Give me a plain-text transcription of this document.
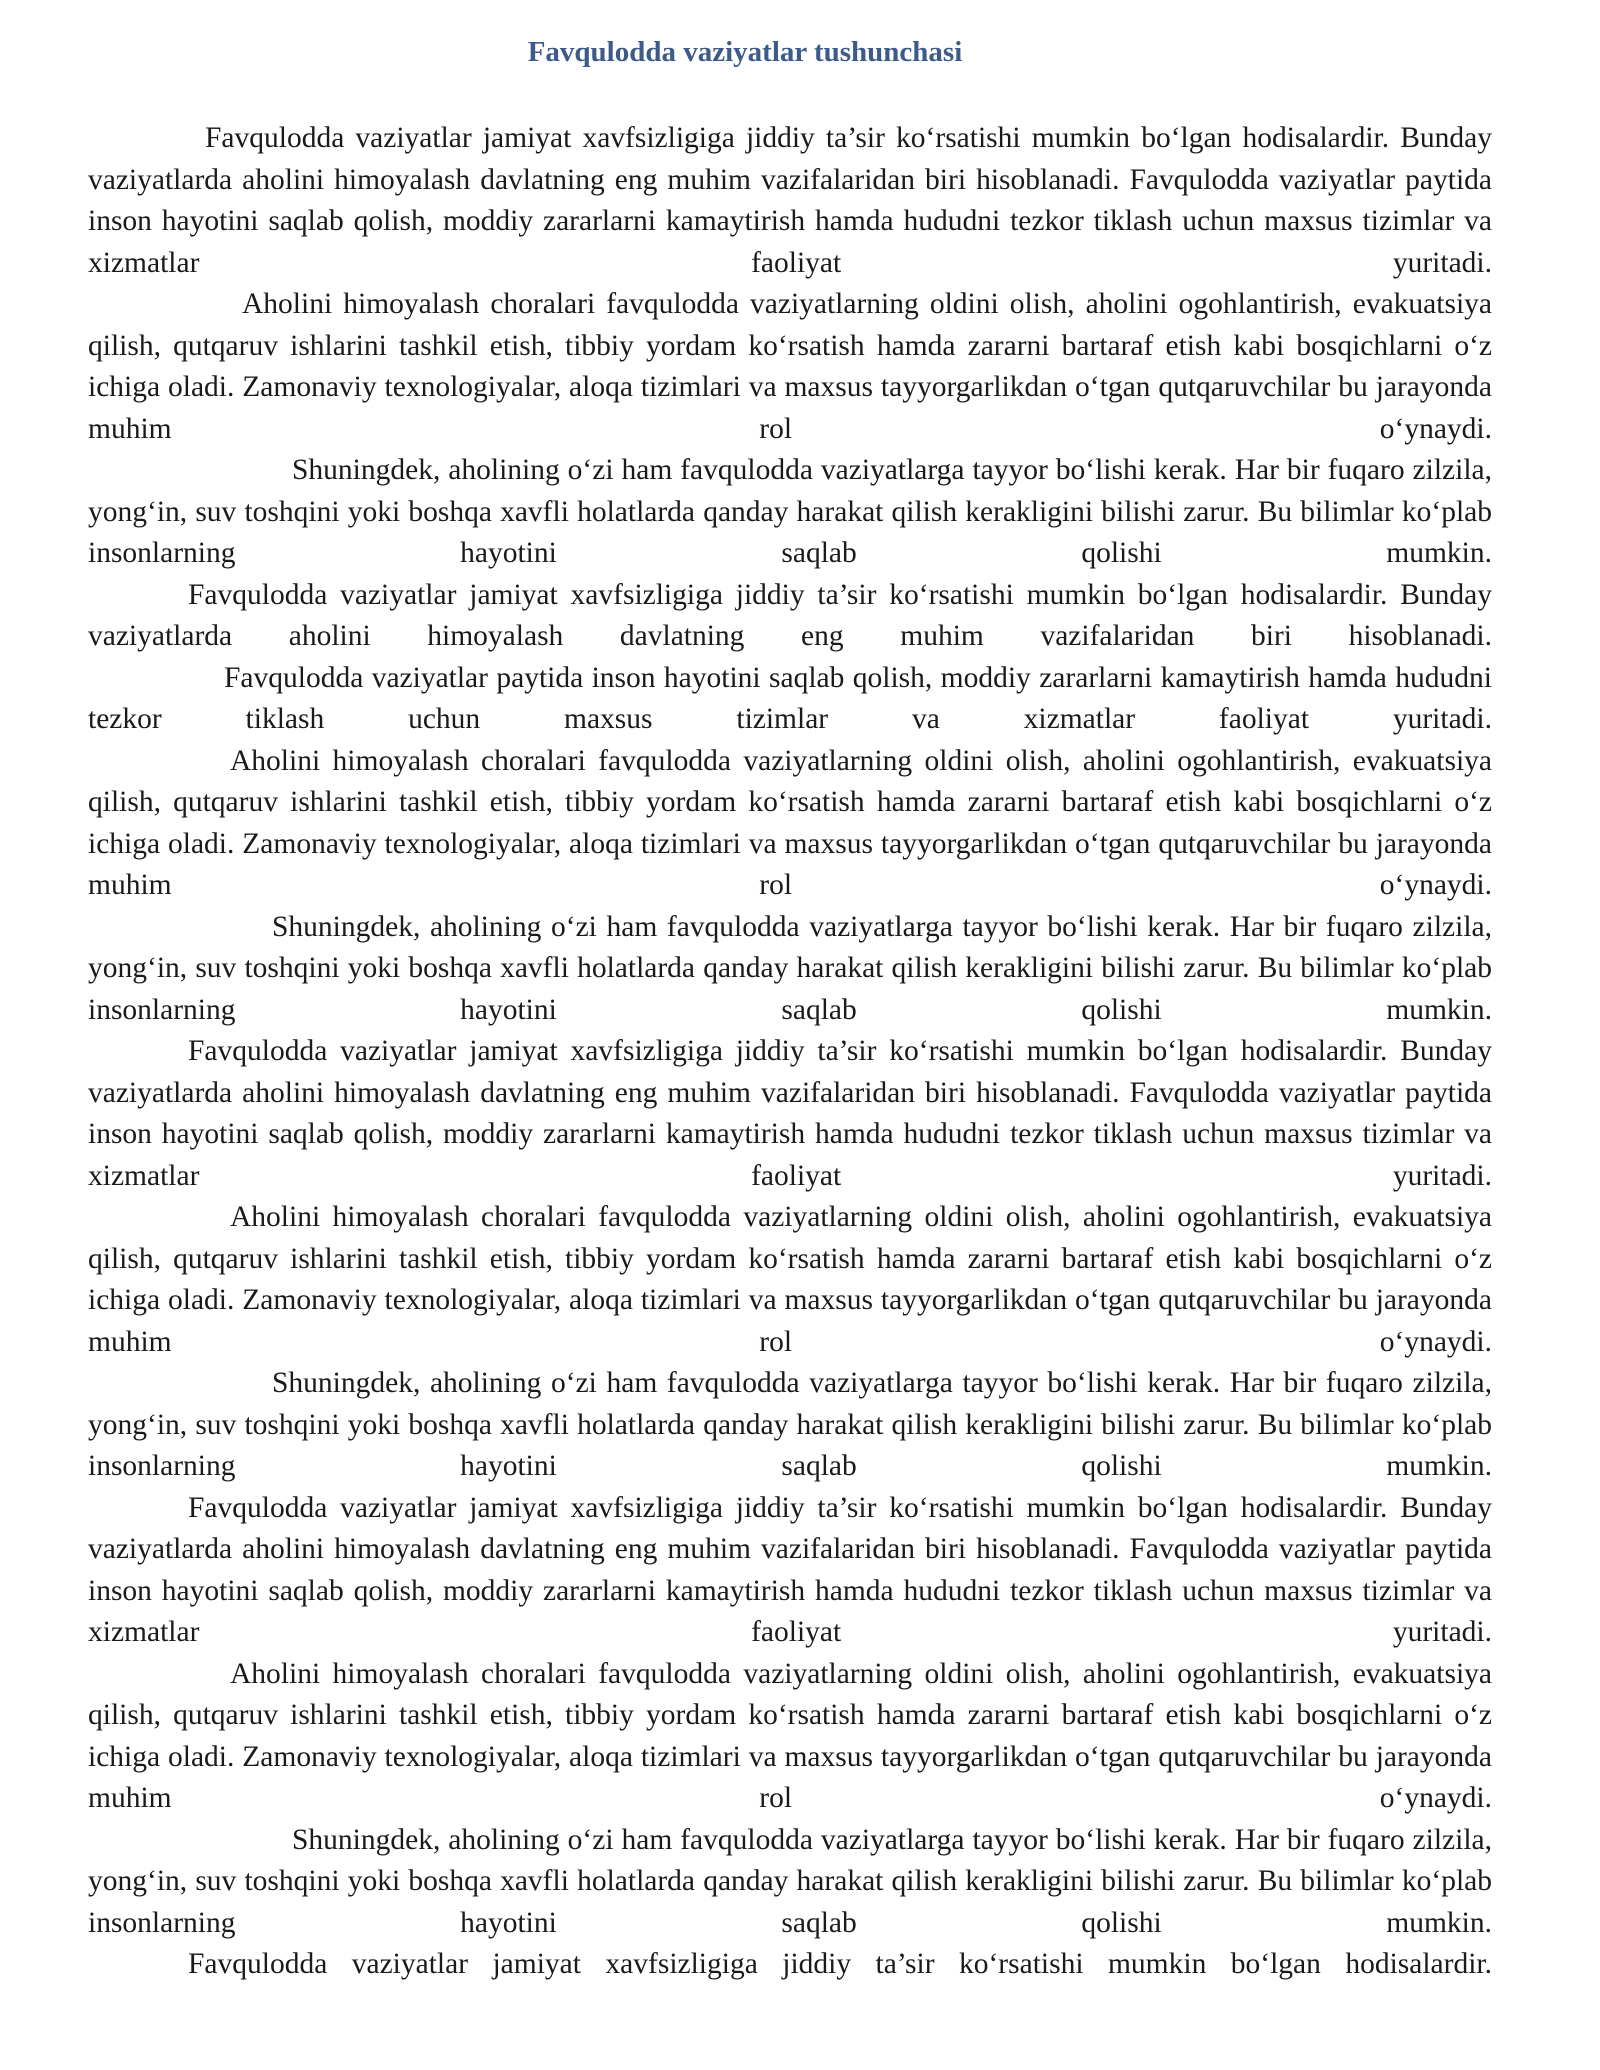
Favqulodda vaziyatlar tushunchasi

Favqulodda vaziyatlar jamiyat xavfsizligiga jiddiy ta’sir koʻrsatishi mumkin boʻlgan hodisalardir. Bunday vaziyatlarda aholini himoyalash davlatning eng muhim vazifalaridan biri hisoblanadi. Favqulodda vaziyatlar paytida inson hayotini saqlab qolish, moddiy zararlarni kamaytirish hamda hududni tezkor tiklash uchun maxsus tizimlar va xizmatlar faoliyat yuritadi.

Aholini himoyalash choralari favqulodda vaziyatlarning oldini olish, aholini ogohlantirish, evakuatsiya qilish, qutqaruv ishlarini tashkil etish, tibbiy yordam koʻrsatish hamda zararni bartaraf etish kabi bosqichlarni oʻz ichiga oladi. Zamonaviy texnologiyalar, aloqa tizimlari va maxsus tayyorgarlikdan oʻtgan qutqaruvchilar bu jarayonda muhim rol oʻynaydi.

Shuningdek, aholining oʻzi ham favqulodda vaziyatlarga tayyor boʻlishi kerak. Har bir fuqaro zilzila, yongʻin, suv toshqini yoki boshqa xavfli holatlarda qanday harakat qilish kerakligini bilishi zarur. Bu bilimlar koʻplab insonlarning hayotini saqlab qolishi mumkin.

Favqulodda vaziyatlar jamiyat xavfsizligiga jiddiy ta’sir koʻrsatishi mumkin boʻlgan hodisalardir. Bunday vaziyatlarda aholini himoyalash davlatning eng muhim vazifalaridan biri hisoblanadi.

Favqulodda vaziyatlar paytida inson hayotini saqlab qolish, moddiy zararlarni kamaytirish hamda hududni tezkor tiklash uchun maxsus tizimlar va xizmatlar faoliyat yuritadi.

Aholini himoyalash choralari favqulodda vaziyatlarning oldini olish, aholini ogohlantirish, evakuatsiya qilish, qutqaruv ishlarini tashkil etish, tibbiy yordam koʻrsatish hamda zararni bartaraf etish kabi bosqichlarni oʻz ichiga oladi. Zamonaviy texnologiyalar, aloqa tizimlari va maxsus tayyorgarlikdan oʻtgan qutqaruvchilar bu jarayonda muhim rol oʻynaydi.

Shuningdek, aholining oʻzi ham favqulodda vaziyatlarga tayyor boʻlishi kerak. Har bir fuqaro zilzila, yongʻin, suv toshqini yoki boshqa xavfli holatlarda qanday harakat qilish kerakligini bilishi zarur. Bu bilimlar koʻplab insonlarning hayotini saqlab qolishi mumkin.

Favqulodda vaziyatlar jamiyat xavfsizligiga jiddiy ta’sir koʻrsatishi mumkin boʻlgan hodisalardir. Bunday vaziyatlarda aholini himoyalash davlatning eng muhim vazifalaridan biri hisoblanadi. Favqulodda vaziyatlar paytida inson hayotini saqlab qolish, moddiy zararlarni kamaytirish hamda hududni tezkor tiklash uchun maxsus tizimlar va xizmatlar faoliyat yuritadi.

Aholini himoyalash choralari favqulodda vaziyatlarning oldini olish, aholini ogohlantirish, evakuatsiya qilish, qutqaruv ishlarini tashkil etish, tibbiy yordam koʻrsatish hamda zararni bartaraf etish kabi bosqichlarni oʻz ichiga oladi. Zamonaviy texnologiyalar, aloqa tizimlari va maxsus tayyorgarlikdan oʻtgan qutqaruvchilar bu jarayonda muhim rol oʻynaydi.

Shuningdek, aholining oʻzi ham favqulodda vaziyatlarga tayyor boʻlishi kerak. Har bir fuqaro zilzila, yongʻin, suv toshqini yoki boshqa xavfli holatlarda qanday harakat qilish kerakligini bilishi zarur. Bu bilimlar koʻplab insonlarning hayotini saqlab qolishi mumkin.

Favqulodda vaziyatlar jamiyat xavfsizligiga jiddiy ta’sir koʻrsatishi mumkin boʻlgan hodisalardir. Bunday vaziyatlarda aholini himoyalash davlatning eng muhim vazifalaridan biri hisoblanadi. Favqulodda vaziyatlar paytida inson hayotini saqlab qolish, moddiy zararlarni kamaytirish hamda hududni tezkor tiklash uchun maxsus tizimlar va xizmatlar faoliyat yuritadi.

Aholini himoyalash choralari favqulodda vaziyatlarning oldini olish, aholini ogohlantirish, evakuatsiya qilish, qutqaruv ishlarini tashkil etish, tibbiy yordam koʻrsatish hamda zararni bartaraf etish kabi bosqichlarni oʻz ichiga oladi. Zamonaviy texnologiyalar, aloqa tizimlari va maxsus tayyorgarlikdan oʻtgan qutqaruvchilar bu jarayonda muhim rol oʻynaydi.

Shuningdek, aholining oʻzi ham favqulodda vaziyatlarga tayyor boʻlishi kerak. Har bir fuqaro zilzila, yongʻin, suv toshqini yoki boshqa xavfli holatlarda qanday harakat qilish kerakligini bilishi zarur. Bu bilimlar koʻplab insonlarning hayotini saqlab qolishi mumkin.

Favqulodda vaziyatlar jamiyat xavfsizligiga jiddiy ta’sir koʻrsatishi mumkin boʻlgan hodisalardir.
